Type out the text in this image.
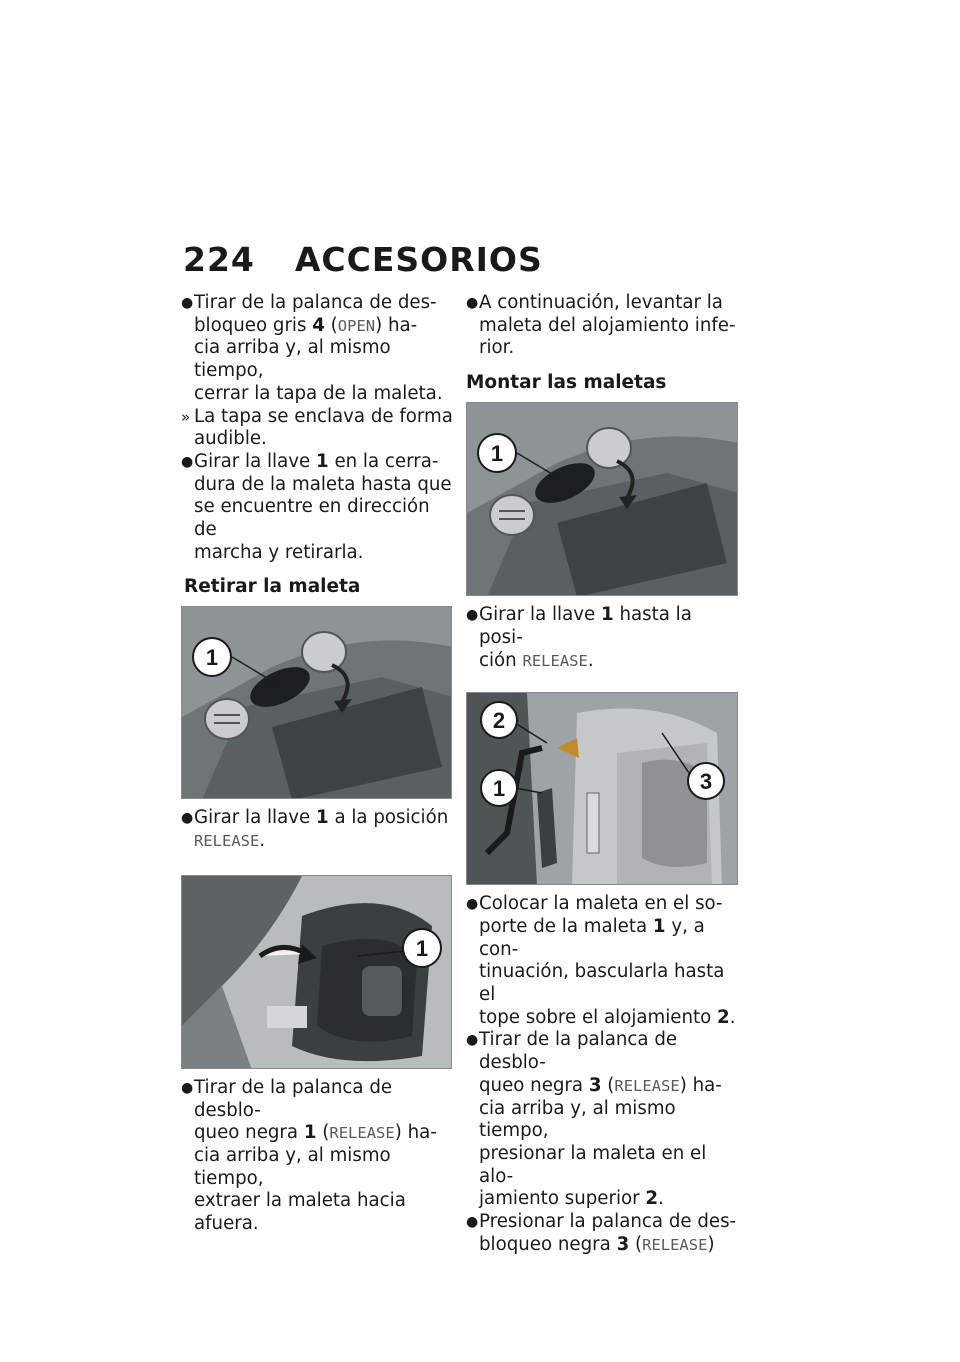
224 ACCESORIOS
● Tirar de la palanca de des-
bloqueo gris 4 (OPEN) ha-
cia arriba y, al mismo tiempo,
cerrar la tapa de la maleta.
» La tapa se enclava de forma
audible.
● Girar la llave 1 en la cerra-
dura de la maleta hasta que
se encuentre en dirección de
marcha y retirarla.
Retirar la maleta
1
● Girar la llave 1 a la posición
RELEASE.
1
● Tirar de la palanca de desblo-
queo negra 1 (RELEASE) ha-
cia arriba y, al mismo tiempo,
extraer la maleta hacia afuera.
● A continuación, levantar la
maleta del alojamiento infe-
rior.
Montar las maletas
1
● Girar la llave 1 hasta la posi-
ción RELEASE.
2
1	3
● Colocar la maleta en el so-
porte de la maleta 1 y, a con-
tinuación, bascularla hasta el
tope sobre el alojamiento 2.
● Tirar de la palanca de desblo-
queo negra 3 (RELEASE) ha-
cia arriba y, al mismo tiempo,
presionar la maleta en el alo-
jamiento superior 2.
● Presionar la palanca de des-
bloqueo negra 3 (RELEASE)
